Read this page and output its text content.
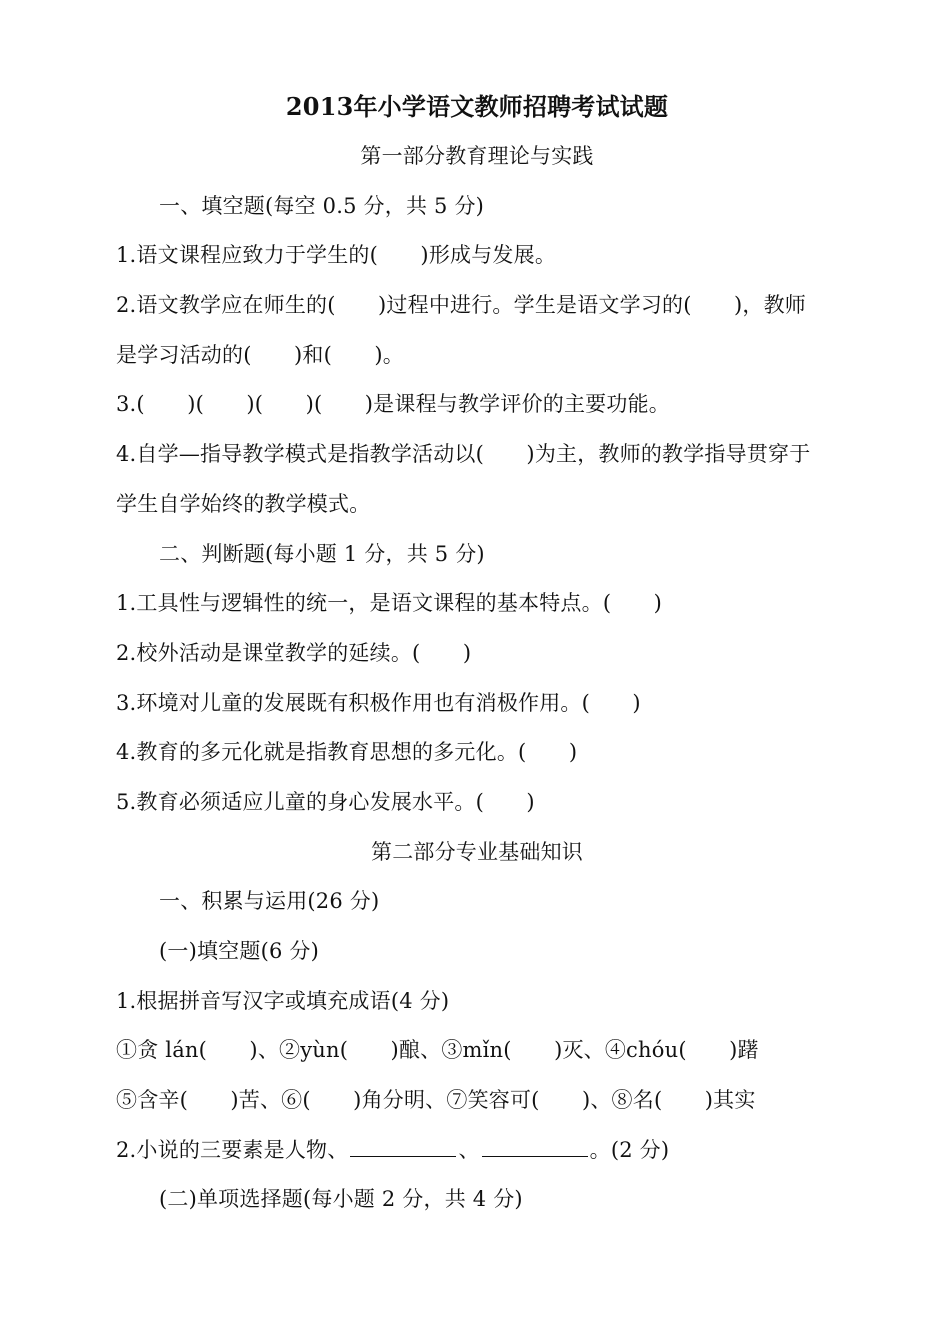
2013年小学语文教师招聘考试试题
第一部分教育理论与实践
一、填空题(每空 0.5 分，共 5 分)
1.语文课程应致力于学生的(　　)形成与发展。
2.语文教学应在师生的(　　)过程中进行。学生是语文学习的(　　)，教师
是学习活动的(　　)和(　　)。
3.(　　)(　　)(　　)(　　)是课程与教学评价的主要功能。
4.自学—指导教学模式是指教学活动以(　　)为主，教师的教学指导贯穿于
学生自学始终的教学模式。
二、判断题(每小题 1 分，共 5 分)
1.工具性与逻辑性的统一，是语文课程的基本特点。(　　)
2.校外活动是课堂教学的延续。(　　)
3.环境对儿童的发展既有积极作用也有消极作用。(　　)
4.教育的多元化就是指教育思想的多元化。(　　)
5.教育必须适应儿童的身心发展水平。(　　)
第二部分专业基础知识
一、积累与运用(26 分)
(一)填空题(6 分)
1.根据拼音写汉字或填充成语(4 分)
①贪 lán(　　)、②yùn(　　)酿、③mǐn(　　)灭、④chóu(　　)躇
⑤含辛(　　)苦、⑥(　　)角分明、⑦笑容可(　　)、⑧名(　　)其实
2.小说的三要素是人物、	、	。(2 分)
(二)单项选择题(每小题 2 分，共 4 分)
